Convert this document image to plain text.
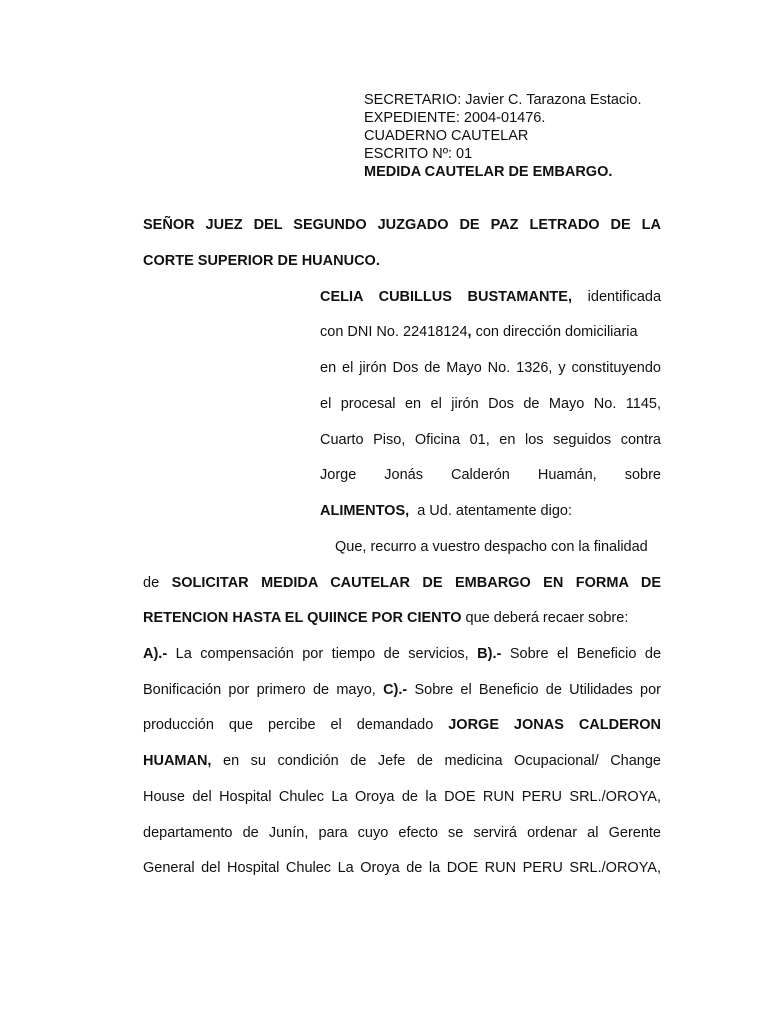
SECRETARIO: Javier C. Tarazona Estacio.
EXPEDIENTE: 2004-01476.
CUADERNO CAUTELAR
ESCRITO Nº: 01
MEDIDA CAUTELAR DE EMBARGO.
SEÑOR JUEZ DEL SEGUNDO JUZGADO DE PAZ LETRADO DE LA
CORTE SUPERIOR DE HUANUCO.
CELIA CUBILLUS BUSTAMANTE, identificada
con DNI No. 22418124, con dirección domiciliaria
en el jirón Dos de Mayo No. 1326, y constituyendo
el procesal en el jirón Dos de Mayo No. 1145,
Cuarto Piso, Oficina 01, en los seguidos contra
Jorge Jonás Calderón Huamán, sobre
ALIMENTOS,  a Ud. atentamente digo:
Que, recurro a vuestro despacho con la finalidad
de SOLICITAR MEDIDA CAUTELAR DE EMBARGO EN FORMA DE
RETENCION HASTA EL QUIINCE POR CIENTO que deberá recaer sobre:
A).- La compensación por tiempo de servicios, B).- Sobre el Beneficio de
Bonificación por primero de mayo, C).- Sobre el Beneficio de Utilidades por
producción que percibe el demandado JORGE JONAS CALDERON
HUAMAN, en su condición de Jefe de medicina Ocupacional/ Change
House del Hospital Chulec La Oroya de la DOE RUN PERU SRL./OROYA,
departamento de Junín, para cuyo efecto se servirá ordenar al Gerente
General del Hospital Chulec La Oroya de la DOE RUN PERU SRL./OROYA,
